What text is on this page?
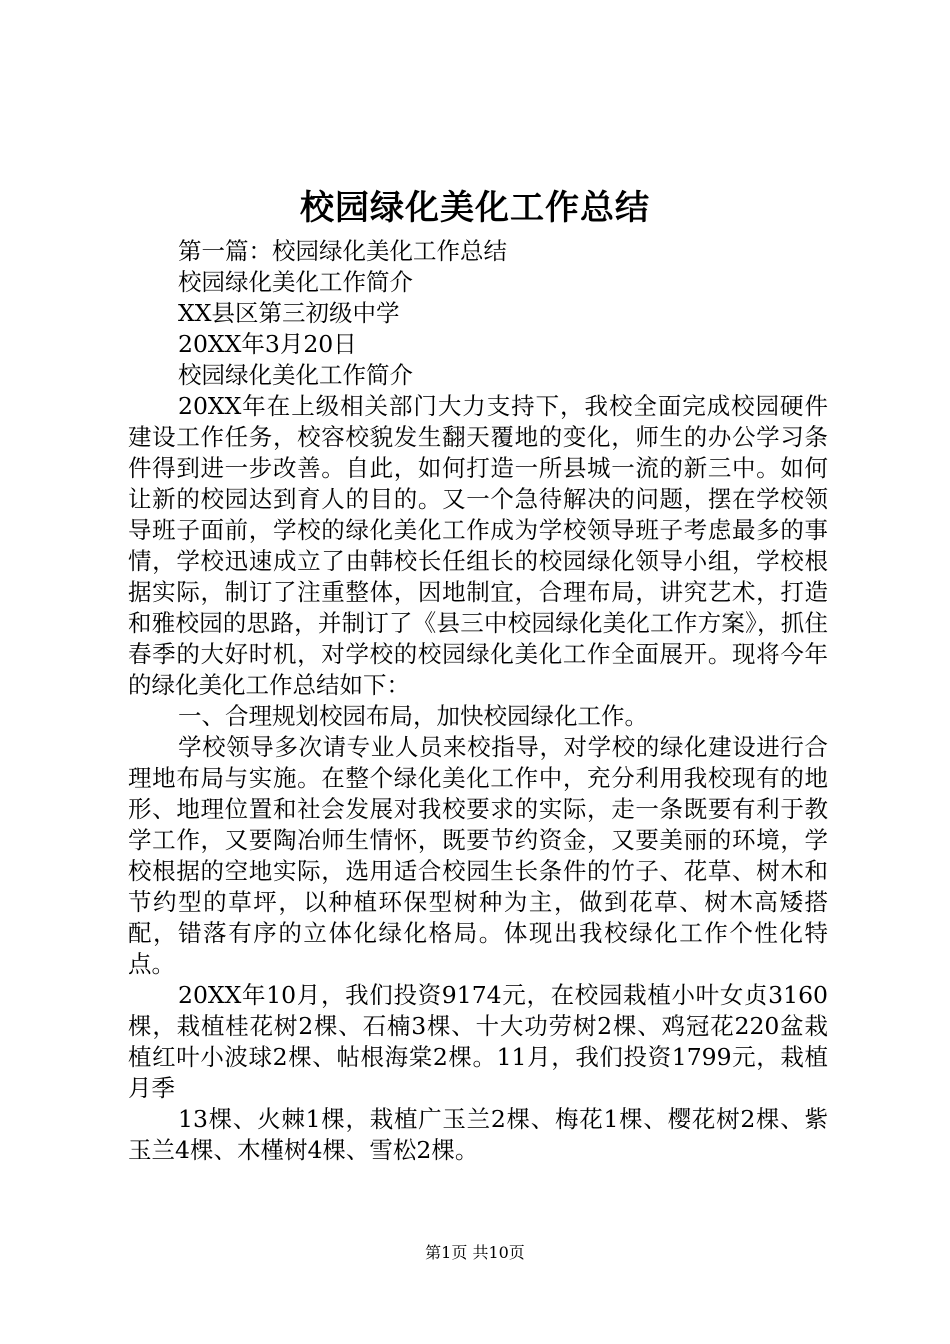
校园绿化美化工作总结
第一篇：校园绿化美化工作总结
校园绿化美化工作简介
XX县区第三初级中学
20XX年3月20日
校园绿化美化工作简介

20XX年在上级相关部门大力支持下，我校全面完成校园硬件建设工作任务，校容校貌发生翻天覆地的变化，师生的办公学习条件得到进一步改善。自此，如何打造一所县城一流的新三中。如何让新的校园达到育人的目的。又一个急待解决的问题，摆在学校领导班子面前，学校的绿化美化工作成为学校领导班子考虑最多的事情，学校迅速成立了由韩校长任组长的校园绿化领导小组，学校根据实际，制订了注重整体，因地制宜，合理布局，讲究艺术，打造和雅校园的思路，并制订了《县三中校园绿化美化工作方案》，抓住春季的大好时机，对学校的校园绿化美化工作全面展开。现将今年的绿化美化工作总结如下：

一、合理规划校园布局，加快校园绿化工作。

学校领导多次请专业人员来校指导，对学校的绿化建设进行合理地布局与实施。在整个绿化美化工作中，充分利用我校现有的地形、地理位置和社会发展对我校要求的实际，走一条既要有利于教学工作，又要陶冶师生情怀，既要节约资金，又要美丽的环境，学校根据的空地实际，选用适合校园生长条件的竹子、花草、树木和节约型的草坪，以种植环保型树种为主，做到花草、树木高矮搭配，错落有序的立体化绿化格局。体现出我校绿化工作个性化特点。

20XX年10月，我们投资9174元，在校园栽植小叶女贞3160棵，栽植桂花树2棵、石楠3棵、十大功劳树2棵、鸡冠花220盆栽植红叶小波球2棵、帖根海棠2棵。11月，我们投资1799元，栽植月季

13棵、火棘1棵，栽植广玉兰2棵、梅花1棵、樱花树2棵、紫玉兰4棵、木槿树4棵、雪松2棵。

第1页 共10页
